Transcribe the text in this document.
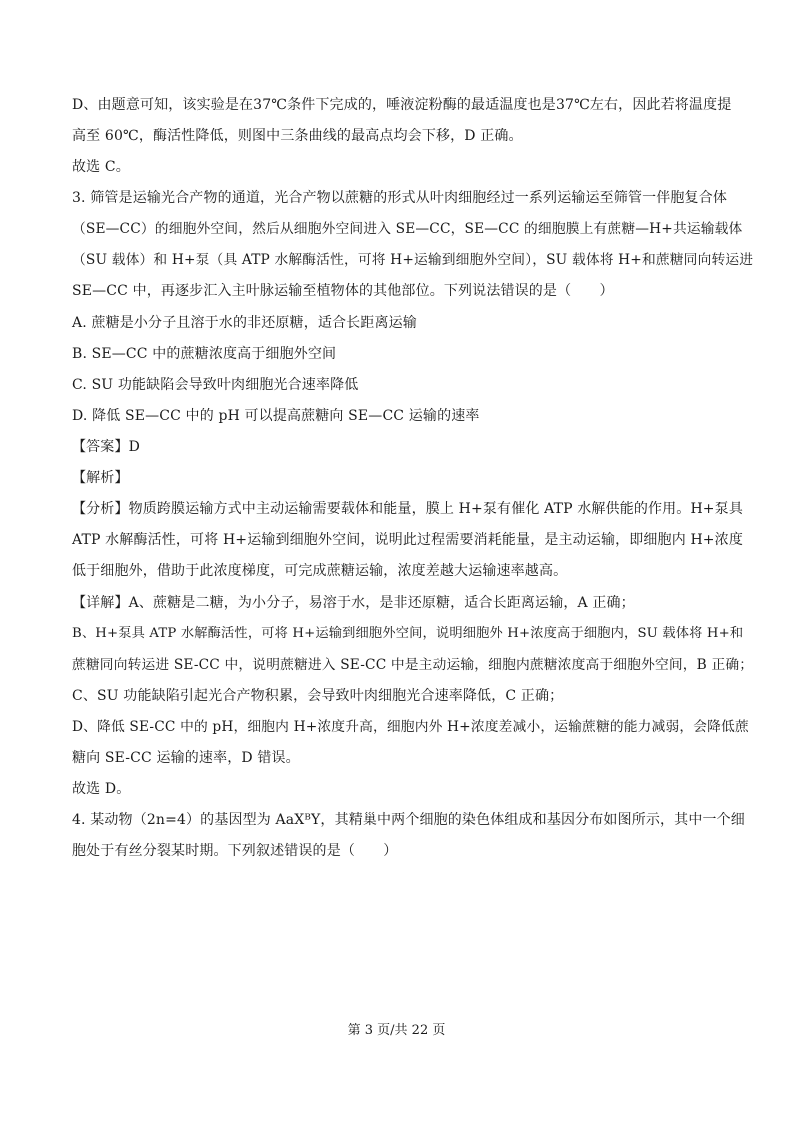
D、由题意可知，该实验是在37℃条件下完成的，唾液淀粉酶的最适温度也是37℃左右，因此若将温度提
高至 60℃，酶活性降低，则图中三条曲线的最高点均会下移，D 正确。
故选 C。
3. 筛管是运输光合产物的通道，光合产物以蔗糖的形式从叶肉细胞经过一系列运输运至筛管一伴胞复合体
（SE—CC）的细胞外空间，然后从细胞外空间进入 SE—CC，SE—CC 的细胞膜上有蔗糖—H+共运输载体
（SU 载体）和 H+泵（具 ATP 水解酶活性，可将 H+运输到细胞外空间），SU 载体将 H+和蔗糖同向转运进
SE—CC 中，再逐步汇入主叶脉运输至植物体的其他部位。下列说法错误的是（　　）
A. 蔗糖是小分子且溶于水的非还原糖，适合长距离运输
B. SE—CC 中的蔗糖浓度高于细胞外空间
C. SU 功能缺陷会导致叶肉细胞光合速率降低
D. 降低 SE—CC 中的 pH 可以提高蔗糖向 SE—CC 运输的速率
【答案】D
【解析】
【分析】物质跨膜运输方式中主动运输需要载体和能量，膜上 H+泵有催化 ATP 水解供能的作用。H+泵具
ATP 水解酶活性，可将 H+运输到细胞外空间，说明此过程需要消耗能量，是主动运输，即细胞内 H+浓度
低于细胞外，借助于此浓度梯度，可完成蔗糖运输，浓度差越大运输速率越高。
【详解】A、蔗糖是二糖，为小分子，易溶于水，是非还原糖，适合长距离运输，A 正确；
B、H+泵具 ATP 水解酶活性，可将 H+运输到细胞外空间，说明细胞外 H+浓度高于细胞内，SU 载体将 H+和
蔗糖同向转运进 SE-CC 中，说明蔗糖进入 SE-CC 中是主动运输，细胞内蔗糖浓度高于细胞外空间，B 正确；
C、SU 功能缺陷引起光合产物积累，会导致叶肉细胞光合速率降低，C 正确；
D、降低 SE-CC 中的 pH，细胞内 H+浓度升高，细胞内外 H+浓度差减小，运输蔗糖的能力减弱，会降低蔗
糖向 SE-CC 运输的速率，D 错误。
故选 D。
4. 某动物（2n=4）的基因型为 AaXᴮY，其精巢中两个细胞的染色体组成和基因分布如图所示，其中一个细
胞处于有丝分裂某时期。下列叙述错误的是（　　）
第 3 页/共 22 页
